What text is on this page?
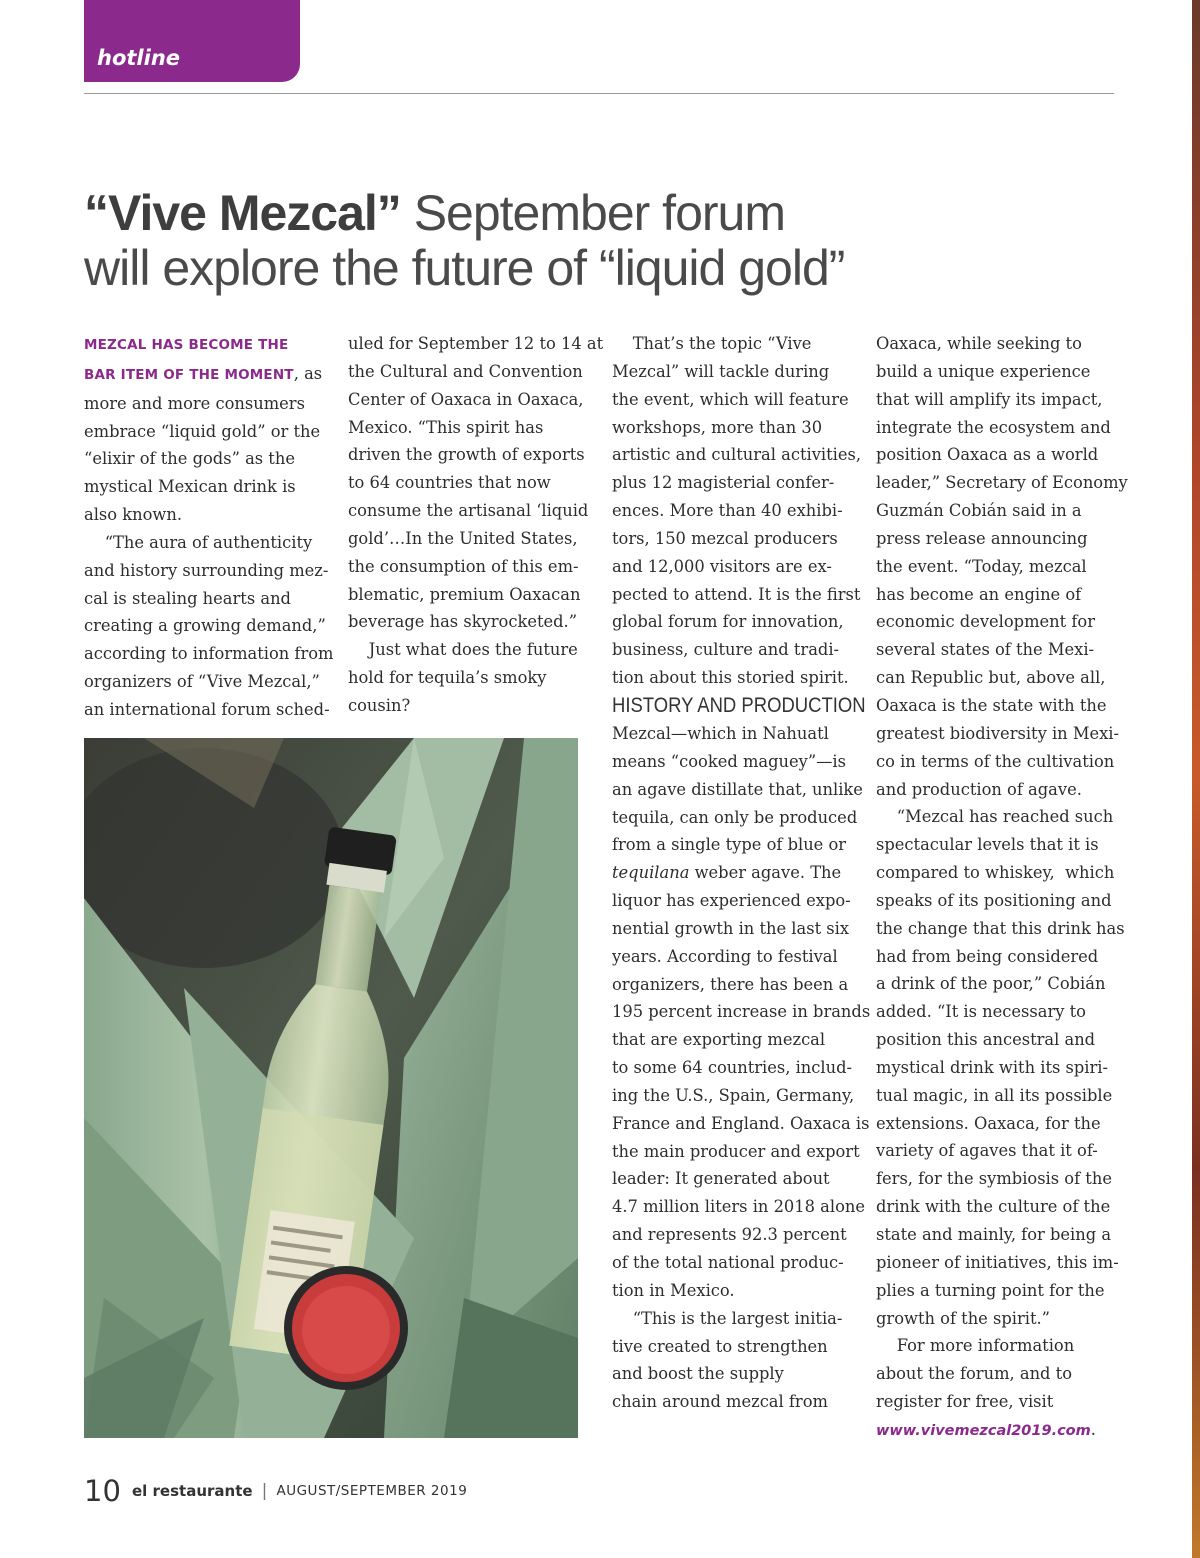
hotline
“Vive Mezcal” September forum
will explore the future of “liquid gold”

MEZCAL HAS BECOME THE

BAR ITEM OF THE MOMENT, as

more and more consumers

embrace “liquid gold” or the

“elixir of the gods” as the

mystical Mexican drink is

also known.

“The aura of authenticity

and history surrounding mez-

cal is stealing hearts and

creating a growing demand,”

according to information from

organizers of “Vive Mezcal,”

an international forum sched-

uled for September 12 to 14 at

the Cultural and Convention

Center of Oaxaca in Oaxaca,

Mexico. “This spirit has

driven the growth of exports

to 64 countries that now

consume the artisanal ‘liquid

gold’…In the United States,

the consumption of this em-

blematic, premium Oaxacan

beverage has skyrocketed.”

Just what does the future

hold for tequila’s smoky

cousin?

That’s the topic “Vive

Mezcal” will tackle during

the event, which will feature

workshops, more than 30

artistic and cultural activities,

plus 12 magisterial confer-

ences. More than 40 exhibi-

tors, 150 mezcal producers

and 12,000 visitors are ex-

pected to attend. It is the first

global forum for innovation,

business, culture and tradi-

tion about this storied spirit.

HISTORY AND PRODUCTION

Mezcal—which in Nahuatl

means “cooked maguey”—is

an agave distillate that, unlike

tequila, can only be produced

from a single type of blue or

tequilana weber agave. The

liquor has experienced expo-

nential growth in the last six

years. According to festival

organizers, there has been a

195 percent increase in brands

that are exporting mezcal

to some 64 countries, includ-

ing the U.S., Spain, Germany,

France and England. Oaxaca is

the main producer and export

leader: It generated about

4.7 million liters in 2018 alone

and represents 92.3 percent

of the total national produc-

tion in Mexico.

“This is the largest initia-

tive created to strengthen

and boost the supply

chain around mezcal from

Oaxaca, while seeking to

build a unique experience

that will amplify its impact,

integrate the ecosystem and

position Oaxaca as a world

leader,” Secretary of Economy

Guzmán Cobián said in a

press release announcing

the event. “Today, mezcal

has become an engine of

economic development for

several states of the Mexi-

can Republic but, above all,

Oaxaca is the state with the

greatest biodiversity in Mexi-

co in terms of the cultivation

and production of agave.

“Mezcal has reached such

spectacular levels that it is

compared to whiskey,  which

speaks of its positioning and

the change that this drink has

had from being considered

a drink of the poor,” Cobián

added. “It is necessary to

position this ancestral and

mystical drink with its spiri-

tual magic, in all its possible

extensions. Oaxaca, for the

variety of agaves that it of-

fers, for the symbiosis of the

drink with the culture of the

state and mainly, for being a

pioneer of initiatives, this im-

plies a turning point for the

growth of the spirit.”

For more information

about the forum, and to

register for free, visit

www.vivemezcal2019.com.

10 el restaurante | AUGUST/SEPTEMBER 2019
